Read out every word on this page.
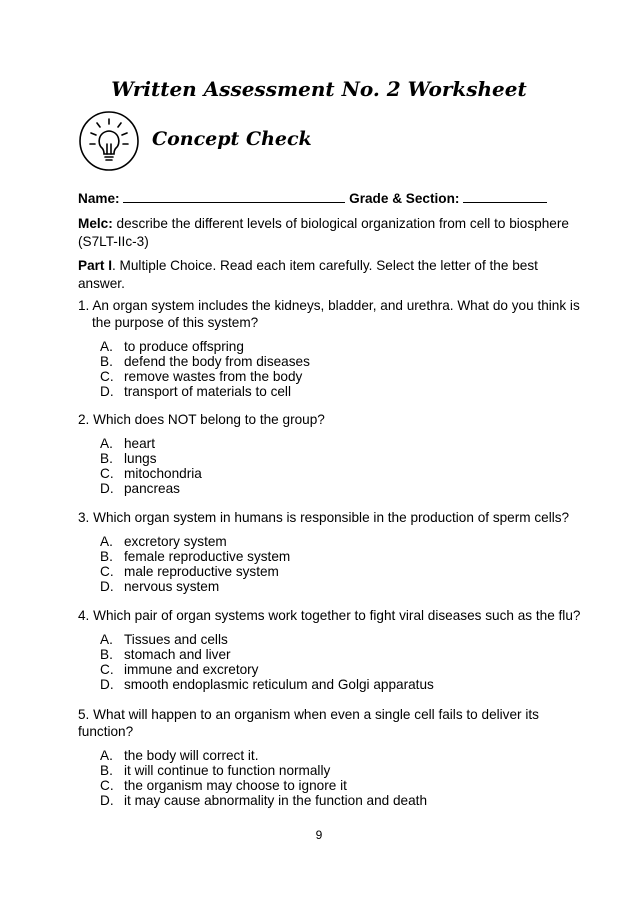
Written Assessment No. 2 Worksheet
Concept Check
Name:	Grade & Section:
Melc: describe the different levels of biological organization from cell to biosphere
(S7LT-IIc-3)
Part I. Multiple Choice. Read each item carefully. Select the letter of the best
answer.
1. An organ system includes the kidneys, bladder, and urethra. What do you think is
the purpose of this system?
A. to produce offspring
B. defend the body from diseases
C. remove wastes from the body
D. transport of materials to cell
2. Which does NOT belong to the group?
A. heart
B. lungs
C. mitochondria
D. pancreas
3. Which organ system in humans is responsible in the production of sperm cells?
A. excretory system
B. female reproductive system
C. male reproductive system
D. nervous system
4. Which pair of organ systems work together to fight viral diseases such as the flu?
A. Tissues and cells
B. stomach and liver
C. immune and excretory
D. smooth endoplasmic reticulum and Golgi apparatus
5. What will happen to an organism when even a single cell fails to deliver its
function?
A. the body will correct it.
B. it will continue to function normally
C. the organism may choose to ignore it
D. it may cause abnormality in the function and death
9
